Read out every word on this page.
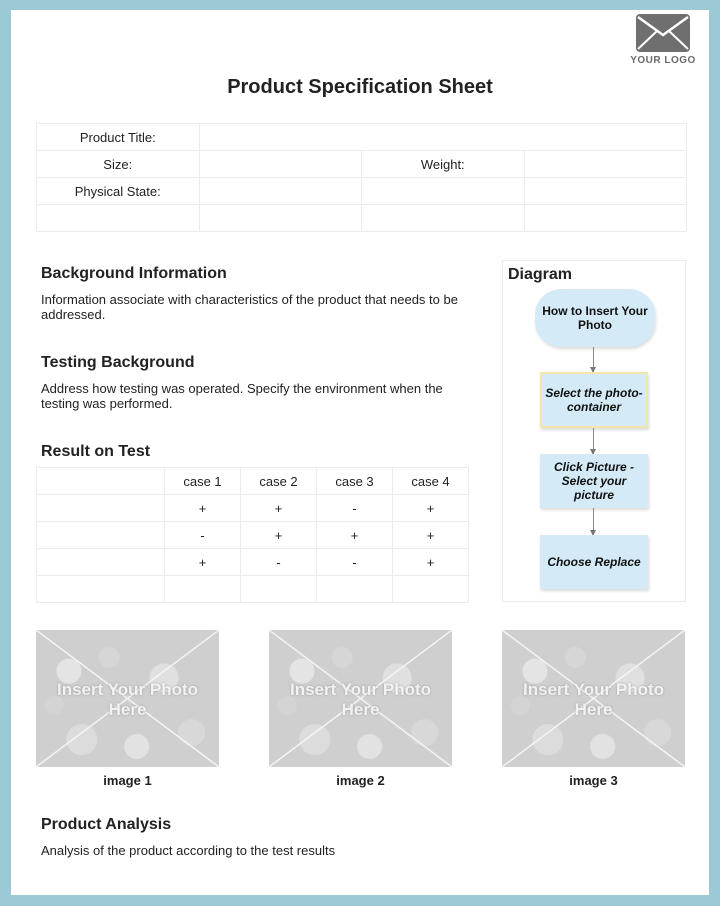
YOUR LOGO
Product Specification Sheet
Product Title:			
Size:		Weight:	
Physical State:			

Background Information
Information associate with characteristics of the product that needs to be addressed.
Testing Background
Address how testing was operated. Specify the environment when the testing was performed.
Result on Test
	case 1	case 2	case 3	case 4
	+	+	-	+
	-	+	+	+
	+	-	-	+

Diagram
How to Insert Your Photo
Select the photo-container
Click Picture - Select your picture
Choose Replace
Insert Your Photo Here
Insert Your Photo Here
Insert Your Photo Here
image 1	image 2	image 3
Product Analysis
Analysis of the product according to the test results
